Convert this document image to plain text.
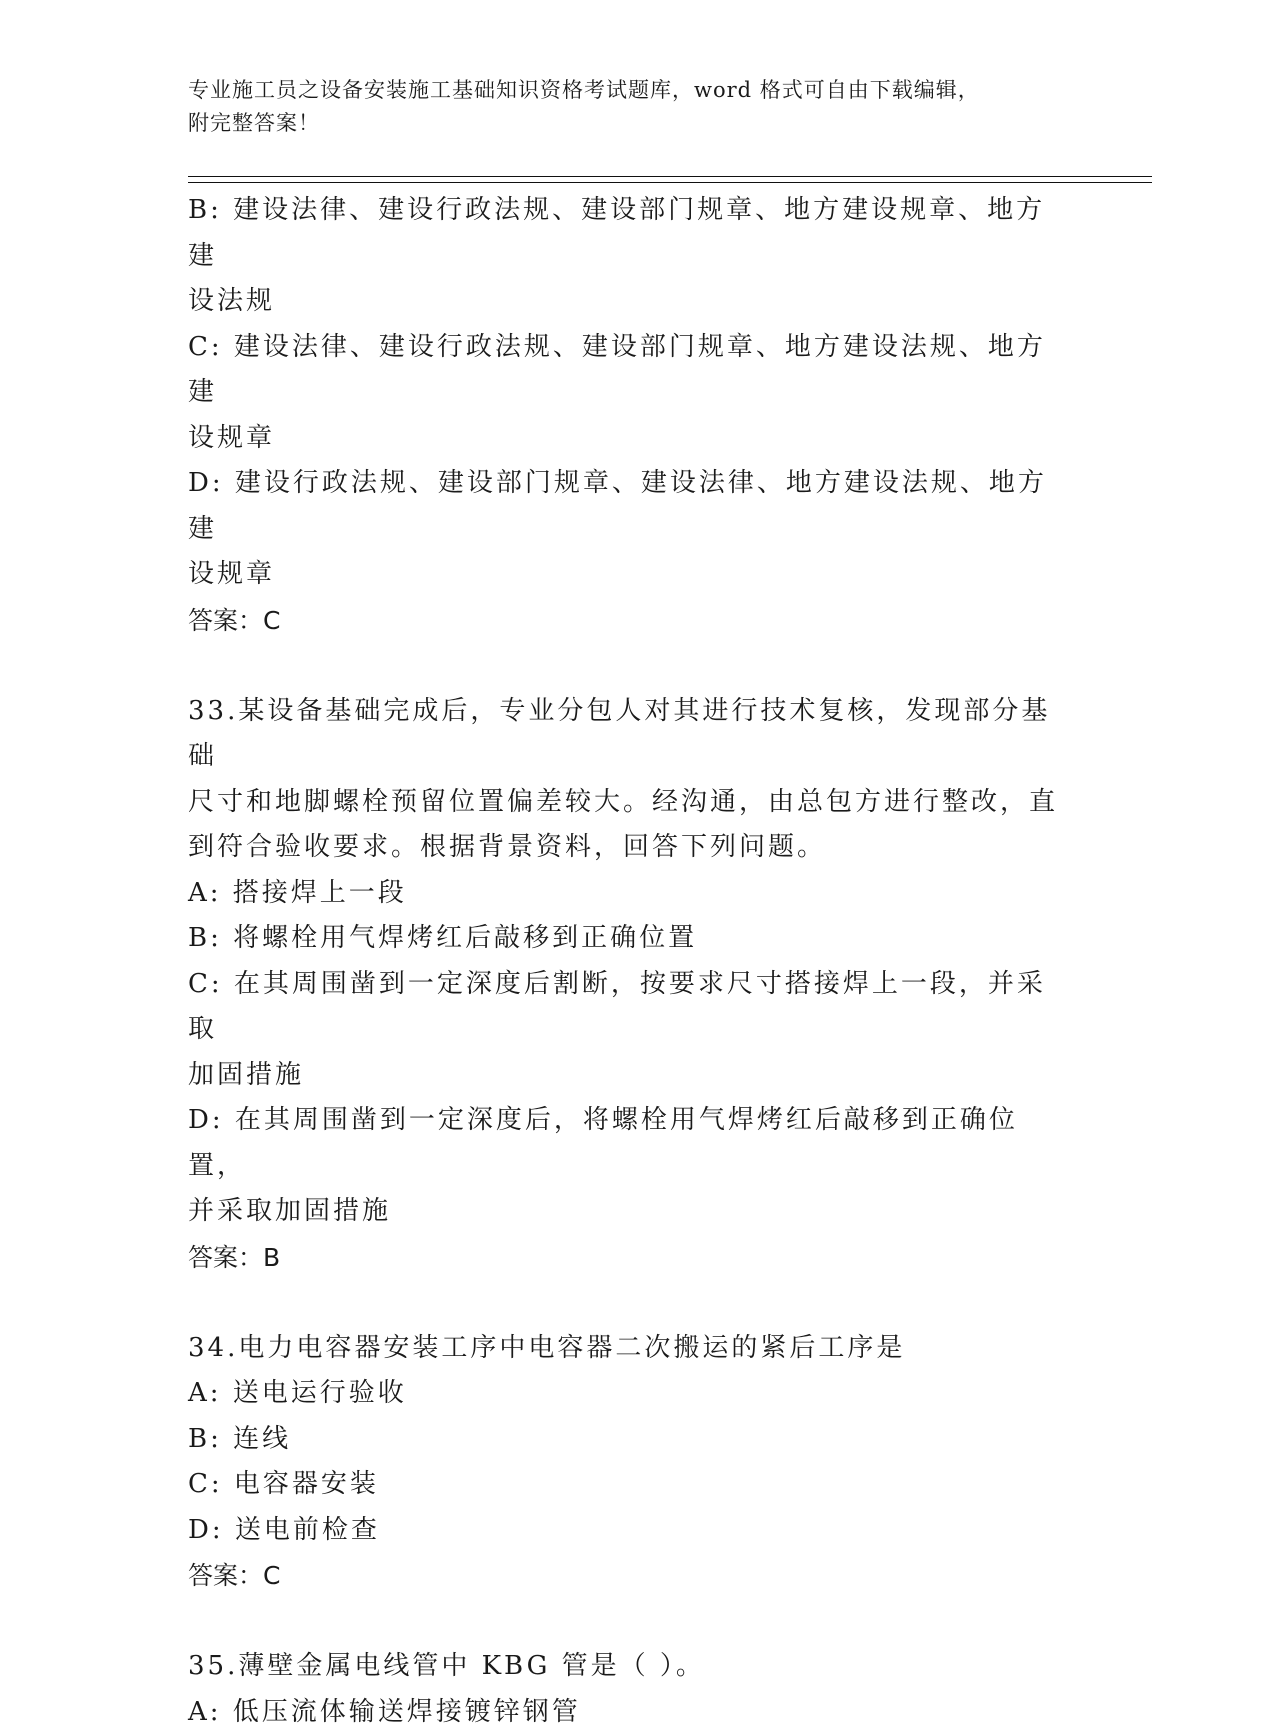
专业施工员之设备安装施工基础知识资格考试题库，word 格式可自由下载编辑，
附完整答案！
B: 建设法律、建设行政法规、建设部门规章、地方建设规章、地方建
设法规
C: 建设法律、建设行政法规、建设部门规章、地方建设法规、地方建
设规章
D: 建设行政法规、建设部门规章、建设法律、地方建设法规、地方建
设规章
答案：C
33.某设备基础完成后，专业分包人对其进行技术复核，发现部分基础
尺寸和地脚螺栓预留位置偏差较大。经沟通，由总包方进行整改，直
到符合验收要求。根据背景资料，回答下列问题。
A: 搭接焊上一段
B: 将螺栓用气焊烤红后敲移到正确位置
C: 在其周围凿到一定深度后割断，按要求尺寸搭接焊上一段，并采取
加固措施
D: 在其周围凿到一定深度后，将螺栓用气焊烤红后敲移到正确位置，
并采取加固措施
答案：B
34.电力电容器安装工序中电容器二次搬运的紧后工序是
A: 送电运行验收
B: 连线
C: 电容器安装
D: 送电前检查
答案：C
35.薄壁金属电线管中 KBG 管是（ ）。
A: 低压流体输送焊接镀锌钢管
